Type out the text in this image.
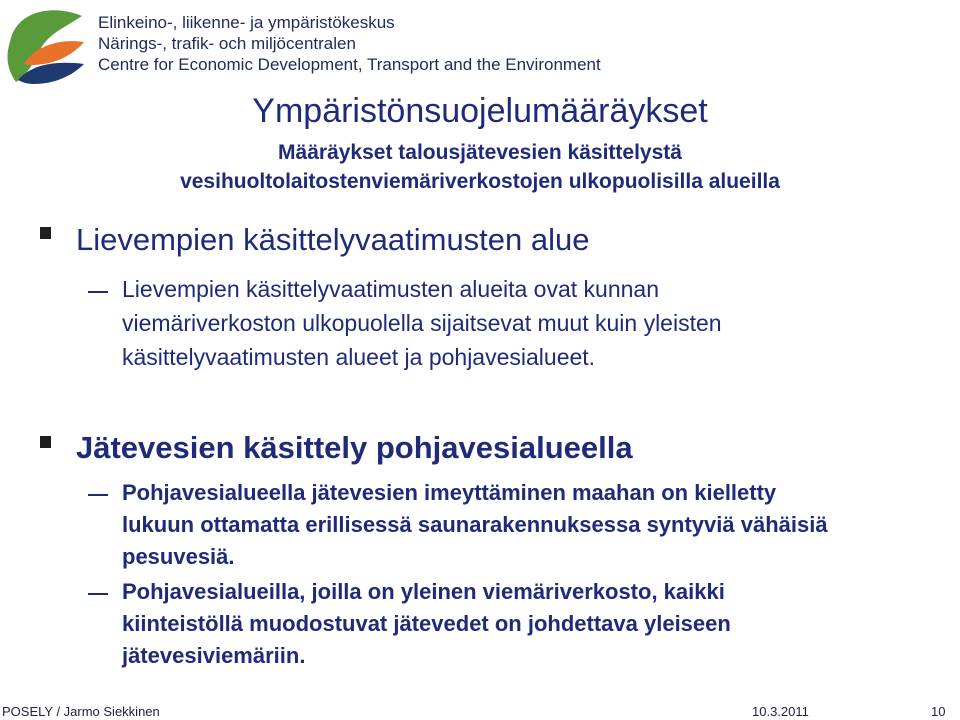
Elinkeino-, liikenne- ja ympäristökeskus
Närings-, trafik- och miljöcentralen
Centre for Economic Development, Transport and the Environment
Ympäristönsuojelumääräykset
Määräykset talousjätevesien käsittelystä
vesihuoltolaitostenviemäriverkostojen ulkopuolisilla alueilla
Lievempien käsittelyvaatimusten alue
Lievempien käsittelyvaatimusten alueita ovat kunnan
viemäriverkoston ulkopuolella sijaitsevat muut kuin yleisten
käsittelyvaatimusten alueet ja pohjavesialueet.
Jätevesien käsittely pohjavesialueella
Pohjavesialueella jätevesien imeyttäminen maahan on kielletty
lukuun ottamatta erillisessä saunarakennuksessa syntyviä vähäisiä
pesuvesiä.
Pohjavesialueilla, joilla on yleinen viemäriverkosto, kaikki
kiinteistöllä muodostuvat jätevedet on johdettava yleiseen
jätevesiviemäriin.
POSELY / Jarmo Siekkinen	10.3.2011	10
